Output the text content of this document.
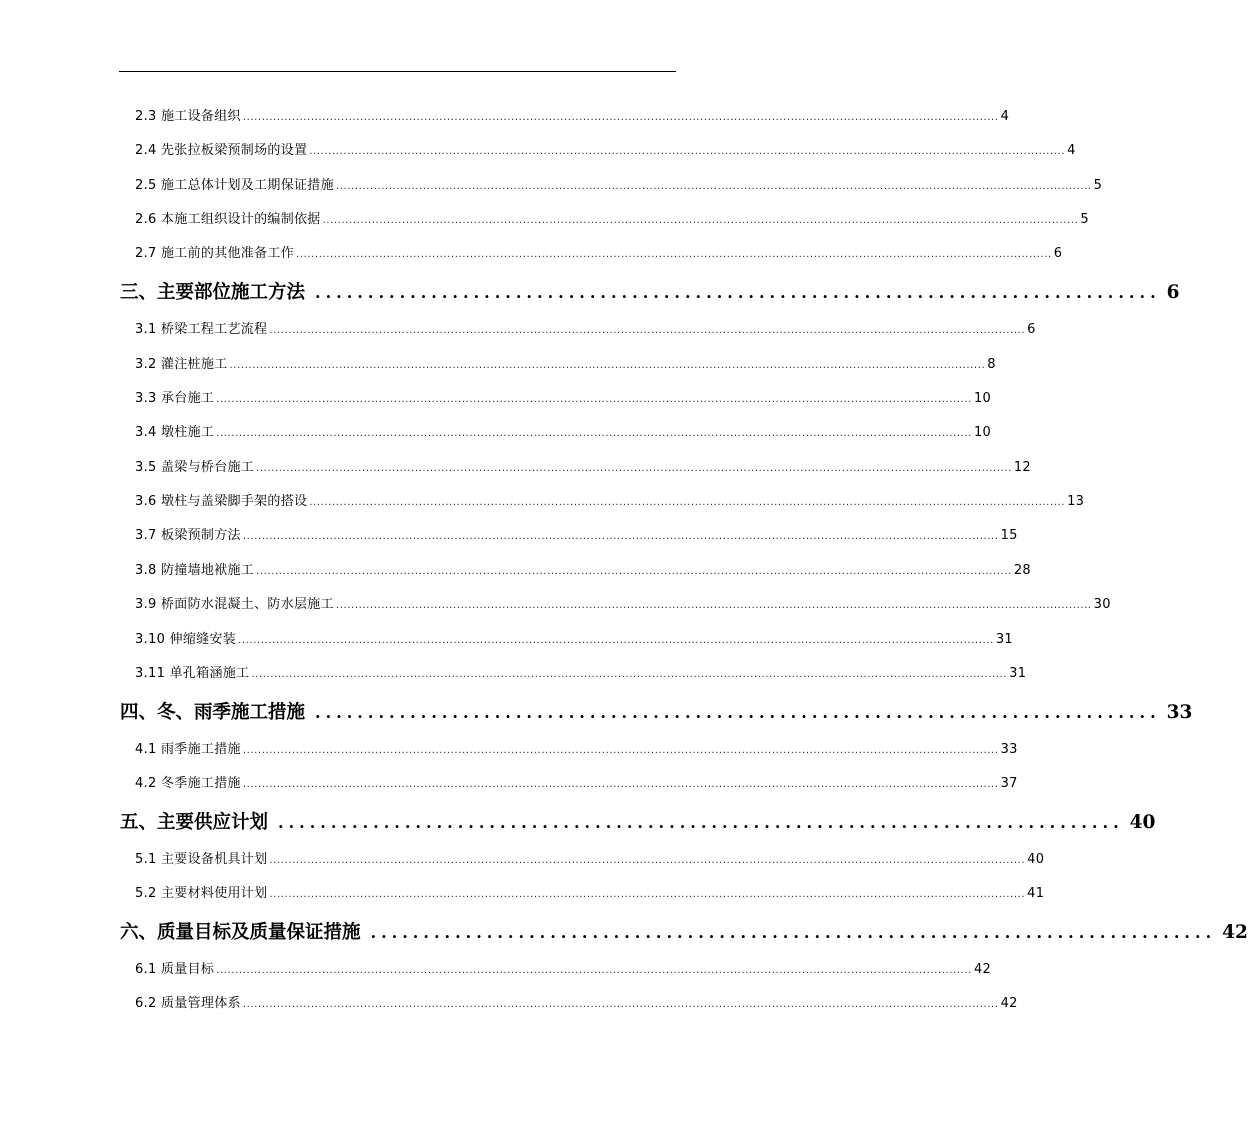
2.3 施工设备组织 ........................................................................................................................................................................................................ 4
2.4 先张拉板梁预制场的设置 ........................................................................................................................................................................................................ 4
2.5 施工总体计划及工期保证措施 ........................................................................................................................................................................................................ 5
2.6 本施工组织设计的编制依据 ........................................................................................................................................................................................................ 5
2.7 施工前的其他准备工作 ........................................................................................................................................................................................................ 6
三、主要部位施工方法 ................................................................................ 6
3.1 桥梁工程工艺流程 ........................................................................................................................................................................................................ 6
3.2 灌注桩施工 ........................................................................................................................................................................................................ 8
3.3 承台施工 ........................................................................................................................................................................................................ 10
3.4 墩柱施工 ........................................................................................................................................................................................................ 10
3.5 盖梁与桥台施工 ........................................................................................................................................................................................................ 12
3.6 墩柱与盖梁脚手架的搭设 ........................................................................................................................................................................................................ 13
3.7 板梁预制方法 ........................................................................................................................................................................................................ 15
3.8 防撞墙地袱施工 ........................................................................................................................................................................................................ 28
3.9 桥面防水混凝土、防水层施工 ........................................................................................................................................................................................................ 30
3.10 伸缩缝安装 ........................................................................................................................................................................................................ 31
3.11 单孔箱涵施工 ........................................................................................................................................................................................................ 31
四、冬、雨季施工措施 ................................................................................ 33
4.1 雨季施工措施 ........................................................................................................................................................................................................ 33
4.2 冬季施工措施 ........................................................................................................................................................................................................ 37
五、主要供应计划 ................................................................................ 40
5.1 主要设备机具计划 ........................................................................................................................................................................................................ 40
5.2 主要材料使用计划 ........................................................................................................................................................................................................ 41
六、质量目标及质量保证措施 ................................................................................ 42
6.1 质量目标 ........................................................................................................................................................................................................ 42
6.2 质量管理体系 ........................................................................................................................................................................................................ 42
